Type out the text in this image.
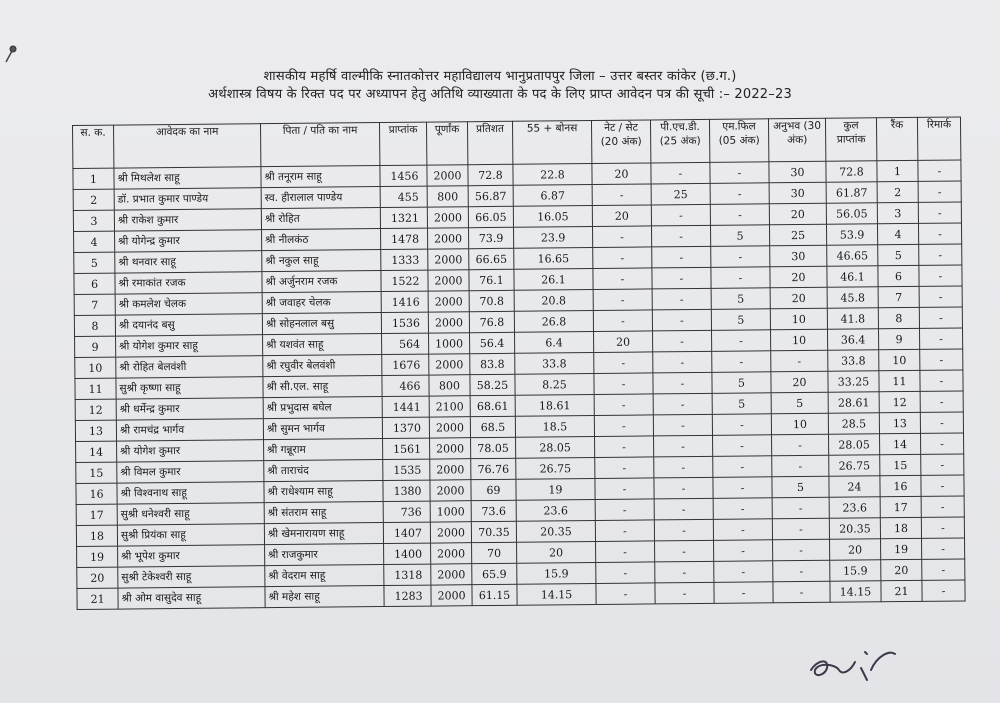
शासकीय महर्षि वाल्मीकि स्नातकोत्तर महाविद्यालय भानुप्रतापपुर जिला – उत्तर बस्तर कांकेर (छ.ग.)
अर्थशास्त्र विषय के रिक्त पद पर अध्यापन हेतु अतिथि व्याख्याता के पद के लिए प्राप्त आवेदन पत्र की सूची :– 2022–23
स. क.	आवेदक का नाम	पिता / पति का नाम	प्राप्तांक	पूर्णांक	प्रतिशत	55 + बोनस	नेट / सेट (20 अंक)	पी.एच.डी. (25 अंक)	एम.फिल (05 अंक)	अनुभव (30 अंक)	कुल प्राप्तांक	रैंक	रिमार्क
1	श्री मिथलेश साहू	श्री तनूराम साहू	1456	2000	72.8	22.8	20	-	-	30	72.8	1	-
2	डॉ. प्रभात कुमार पाण्डेय	स्व. हीरालाल पाण्डेय	455	800	56.87	6.87	-	25	-	30	61.87	2	-
3	श्री राकेश कुमार	श्री रोहित	1321	2000	66.05	16.05	20	-	-	20	56.05	3	-
4	श्री योगेन्द्र कुमार	श्री नीलकंठ	1478	2000	73.9	23.9	-	-	5	25	53.9	4	-
5	श्री थनवार साहू	श्री नकुल साहू	1333	2000	66.65	16.65	-	-	-	30	46.65	5	-
6	श्री रमाकांत रजक	श्री अर्जुनराम रजक	1522	2000	76.1	26.1	-	-	-	20	46.1	6	-
7	श्री कमलेश चेलक	श्री जवाहर चेलक	1416	2000	70.8	20.8	-	-	5	20	45.8	7	-
8	श्री दयानंद बसु	श्री सोहनलाल बसु	1536	2000	76.8	26.8	-	-	5	10	41.8	8	-
9	श्री योगेश कुमार साहू	श्री यशवंत साहू	564	1000	56.4	6.4	20	-	-	10	36.4	9	-
10	श्री रोहित बेलवंशी	श्री रघुवीर बेलवंशी	1676	2000	83.8	33.8	-	-	-	-	33.8	10	-
11	सुश्री कृष्णा साहू	श्री सी.एल. साहू	466	800	58.25	8.25	-	-	5	20	33.25	11	-
12	श्री धर्मेन्द्र कुमार	श्री प्रभुदास बघेल	1441	2100	68.61	18.61	-	-	5	5	28.61	12	-
13	श्री रामचंद्र भार्गव	श्री सुमन भार्गव	1370	2000	68.5	18.5	-	-	-	10	28.5	13	-
14	श्री योगेश कुमार	श्री गन्नूराम	1561	2000	78.05	28.05	-	-	-	-	28.05	14	-
15	श्री विमल कुमार	श्री ताराचंद	1535	2000	76.76	26.75	-	-	-	-	26.75	15	-
16	श्री विश्वनाथ साहू	श्री राधेश्याम साहू	1380	2000	69	19	-	-	-	5	24	16	-
17	सुश्री धनेश्वरी साहू	श्री संतराम साहू	736	1000	73.6	23.6	-	-	-	-	23.6	17	-
18	सुश्री प्रियंका साहू	श्री खेमनारायण साहू	1407	2000	70.35	20.35	-	-	-	-	20.35	18	-
19	श्री भूपेश कुमार	श्री राजकुमार	1400	2000	70	20	-	-	-	-	20	19	-
20	सुश्री टेकेश्वरी साहू	श्री वेदराम साहू	1318	2000	65.9	15.9	-	-	-	-	15.9	20	-
21	श्री ओम वासुदेव साहू	श्री महेश साहू	1283	2000	61.15	14.15	-	-	-	-	14.15	21	-
